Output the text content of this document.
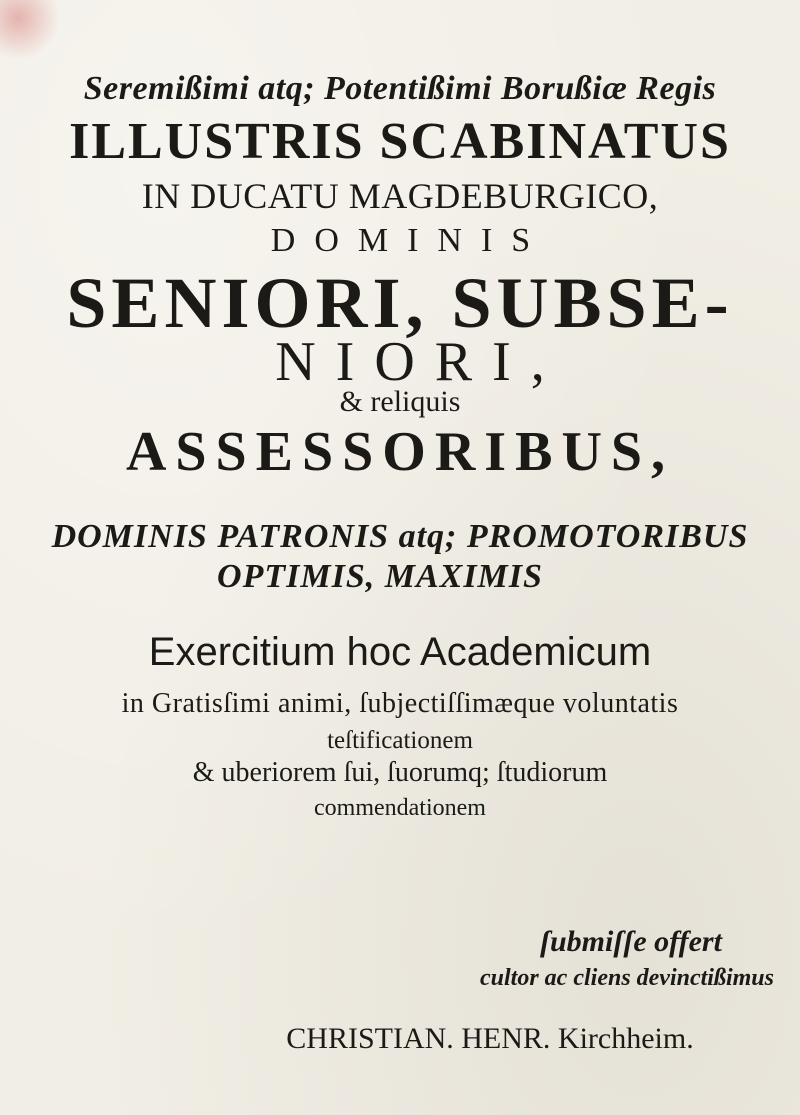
Seremißimi atq; Potentißimi Borußiæ Regis
ILLUSTRIS SCABINATUS
IN DUCATU MAGDEBURGICO,
DOMINIS
SENIORI, SUBSE-
NIORI,
& reliquis
ASSESSORIBUS,
DOMINIS PATRONIS atq; PROMOTORIBUS
OPTIMIS, MAXIMIS
Exercitium hoc Academicum
in Gratisſimi animi, ſubjectiſſimæque voluntatis
teſtificationem
& uberiorem ſui, ſuorumq; ſtudiorum
commendationem
ſubmiſſe offert
cultor ac cliens devinctißimus
CHRISTIAN. HENR. Kirchheim.
